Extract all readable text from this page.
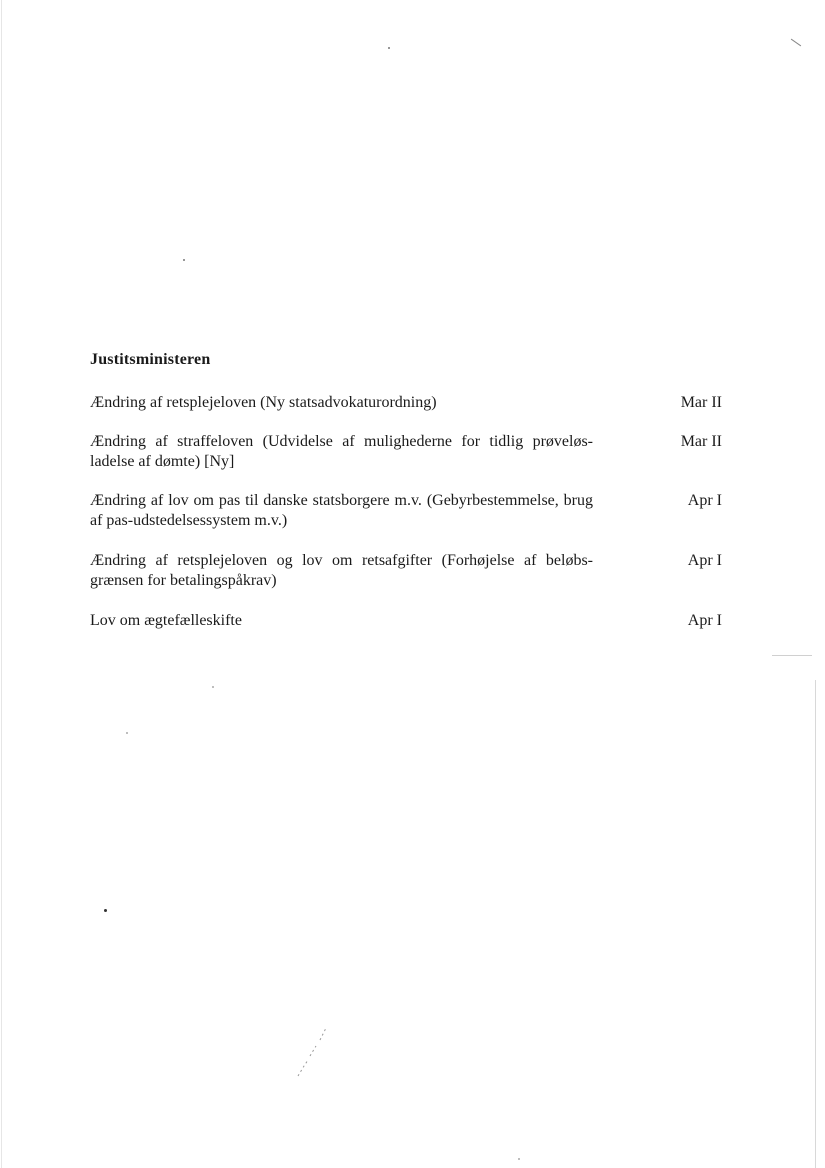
Justitsministeren
Ændring af retsplejeloven (Ny statsadvokaturordning)	Mar II
Ændring af straffeloven (Udvidelse af mulighederne for tidlig prøveløs-ladelse af dømte) [Ny]
Mar II
Ændring af lov om pas til danske statsborgere m.v. (Gebyrbestemmelse, brug af pas-udstedelsessystem m.v.)
Apr I
Ændring af retsplejeloven og lov om retsafgifter (Forhøjelse af beløbs-grænsen for betalingspåkrav)
Apr I
Lov om ægtefælleskifte	Apr I
